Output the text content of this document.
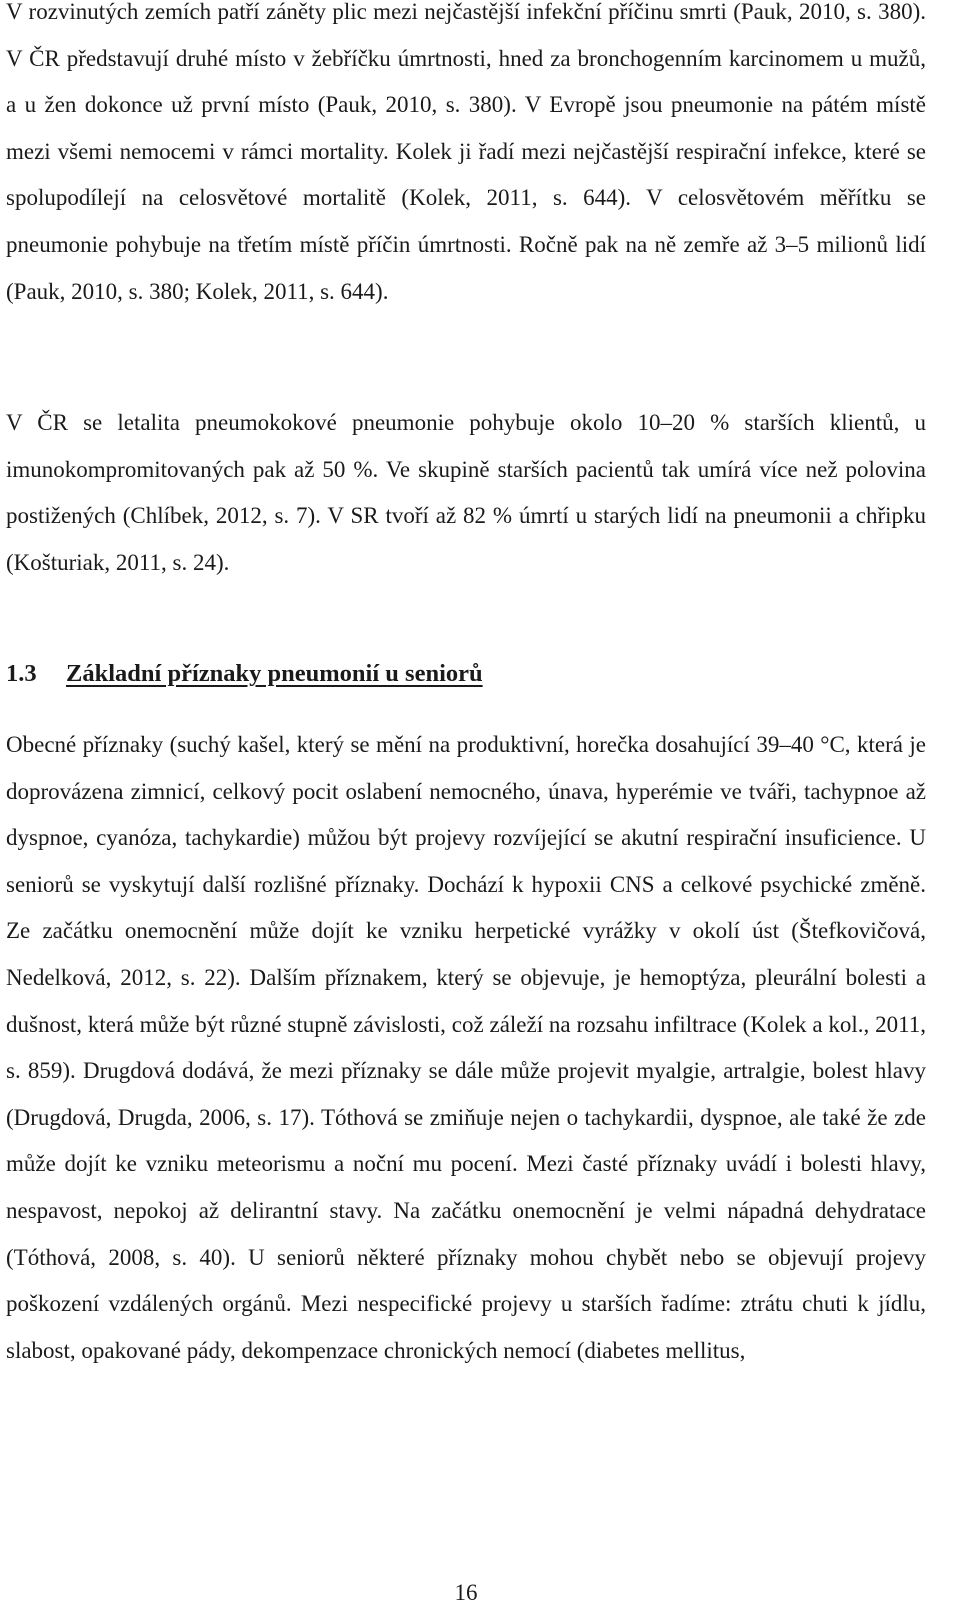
V rozvinutých zemích patří záněty plic mezi nejčastější infekční příčinu smrti (Pauk, 2010, s. 380). V ČR představují druhé místo v žebříčku úmrtnosti, hned za bronchogenním karcinomem u mužů, a u žen dokonce už první místo (Pauk, 2010, s. 380). V Evropě jsou pneumonie na pátém místě mezi všemi nemocemi v rámci mortality. Kolek ji řadí mezi nejčastější respirační infekce, které se spolupodílejí na celosvětové mortalitě (Kolek, 2011, s. 644). V celosvětovém měřítku se pneumonie pohybuje na třetím místě příčin úmrtnosti. Ročně pak na ně zemře až 3–5 milionů lidí (Pauk, 2010, s. 380; Kolek, 2011, s. 644).

V ČR se letalita pneumokokové pneumonie pohybuje okolo 10–20 % starších klientů, u imunokompromitovaných pak až 50 %. Ve skupině starších pacientů tak umírá více než polovina postižených (Chlíbek, 2012, s. 7). V SR tvoří až 82 % úmrtí u starých lidí na pneumonii a chřipku (Košturiak, 2011, s. 24).

1.3 Základní příznaky pneumonií u seniorů

Obecné příznaky (suchý kašel, který se mění na produktivní, horečka dosahující 39–40 °C, která je doprovázena zimnicí, celkový pocit oslabení nemocného, únava, hyperémie ve tváři, tachypnoe až dyspnoe, cyanóza, tachykardie) můžou být projevy rozvíjející se akutní respirační insuficience. U seniorů se vyskytují další rozlišné příznaky. Dochází k hypoxii CNS a celkové psychické změně. Ze začátku onemocnění může dojít ke vzniku herpetické vyrážky v okolí úst (Štefkovičová, Nedelková, 2012, s. 22). Dalším příznakem, který se objevuje, je hemoptýza, pleurální bolesti a dušnost, která může být různé stupně závislosti, což záleží na rozsahu infiltrace (Kolek a kol., 2011, s. 859). Drugdová dodává, že mezi příznaky se dále může projevit myalgie, artralgie, bolest hlavy (Drugdová, Drugda, 2006, s. 17). Tóthová se zmiňuje nejen o tachykardii, dyspnoe, ale také že zde může dojít ke vzniku meteorismu a noční mu pocení. Mezi časté příznaky uvádí i bolesti hlavy, nespavost, nepokoj až delirantní stavy. Na začátku onemocnění je velmi nápadná dehydratace (Tóthová, 2008, s. 40). U seniorů některé příznaky mohou chybět nebo se objevují projevy poškození vzdálených orgánů. Mezi nespecifické projevy u starších řadíme: ztrátu chuti k jídlu, slabost, opakované pády, dekompenzace chronických nemocí (diabetes mellitus,

16
